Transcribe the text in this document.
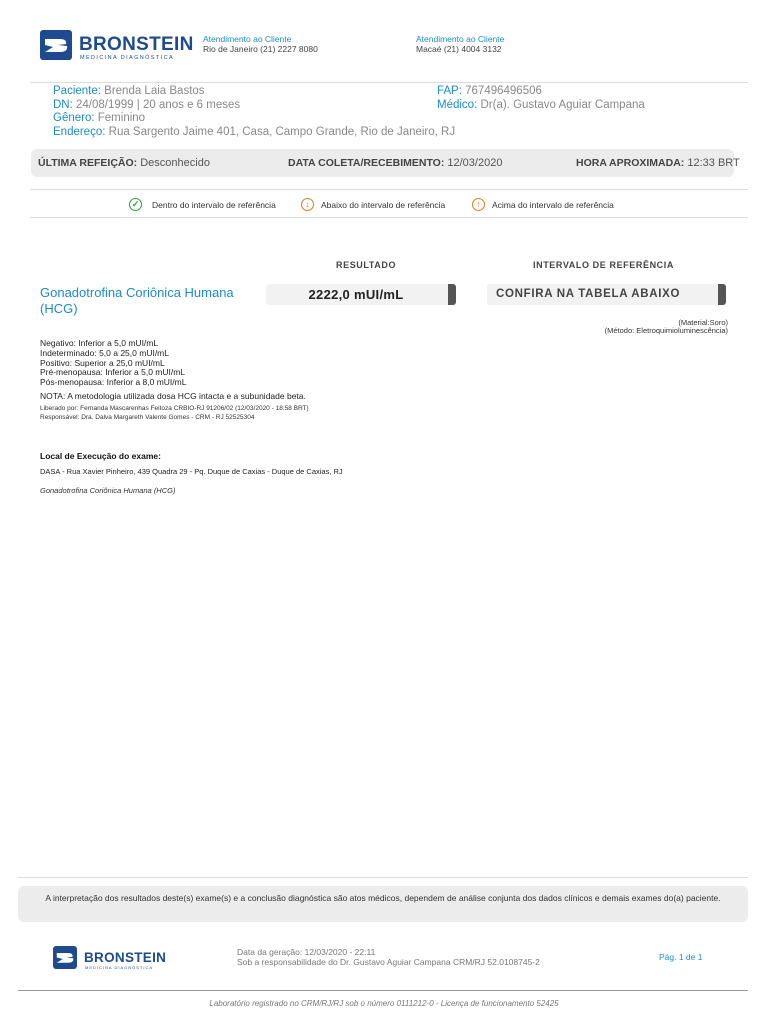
BRONSTEIN
MEDICINA DIAGNÓSTICA
Atendimento ao Cliente
Rio de Janeiro (21) 2227 8080
Atendimento ao Cliente
Macaé (21) 4004 3132
Paciente: Brenda Laia Bastos
DN: 24/08/1999 | 20 anos e 6 meses
Gênero: Feminino
Endereço: Rua Sargento Jaime 401, Casa, Campo Grande, Rio de Janeiro, RJ
FAP: 767496496506
Médico: Dr(a). Gustavo Aguiar Campana
ÚLTIMA REFEIÇÃO: Desconhecido	DATA COLETA/RECEBIMENTO: 12/03/2020	HORA APROXIMADA: 12:33 BRT
✓	Dentro do intervalo de referência	↓	Abaixo do intervalo de referência	↑	Acima do intervalo de referência
RESULTADO	INTERVALO DE REFERÊNCIA
Gonadotrofina Coriônica Humana (HCG)
2222,0 mUI/mL	CONFIRA NA TABELA ABAIXO
(Material:Soro)
(Método: Eletroquimioluminescência)
Negativo: Inferior a 5,0 mUI/mL
Indeterminado: 5,0 a 25,0 mUI/mL
Positivo: Superior a 25,0 mUI/mL
Pré-menopausa: Inferior a 5,0 mUI/mL
Pós-menopausa: Inferior a 8,0 mUI/mL
NOTA: A metodologia utilizada dosa HCG intacta e a subunidade beta.
Liberado por: Fernanda Mascarenhas Feitoza CRBIO-RJ 91206/02 (12/03/2020 - 18:58 BRT)
Responsável: Dra. Dalva Margareth Valente Gomes - CRM - RJ 52525304
Local de Execução do exame:
DASA - Rua Xavier Pinheiro, 439 Quadra 29 - Pq. Duque de Caxias - Duque de Caxias, RJ
Gonadotrofina Coriônica Humana (HCG)
A interpretação dos resultados deste(s) exame(s) e a conclusão diagnóstica são atos médicos, dependem de análise conjunta dos dados clínicos e demais exames do(a) paciente.
BRONSTEIN
MEDICINA DIAGNÓSTICA
Data da geração: 12/03/2020 - 22:11
Sob a responsabilidade do Dr. Gustavo Aguiar Campana CRM/RJ 52.0108745-2	Pág. 1 de 1
Laboratório registrado no CRM/RJ/RJ sob o número 0111212-0 - Licença de funcionamento 52425
